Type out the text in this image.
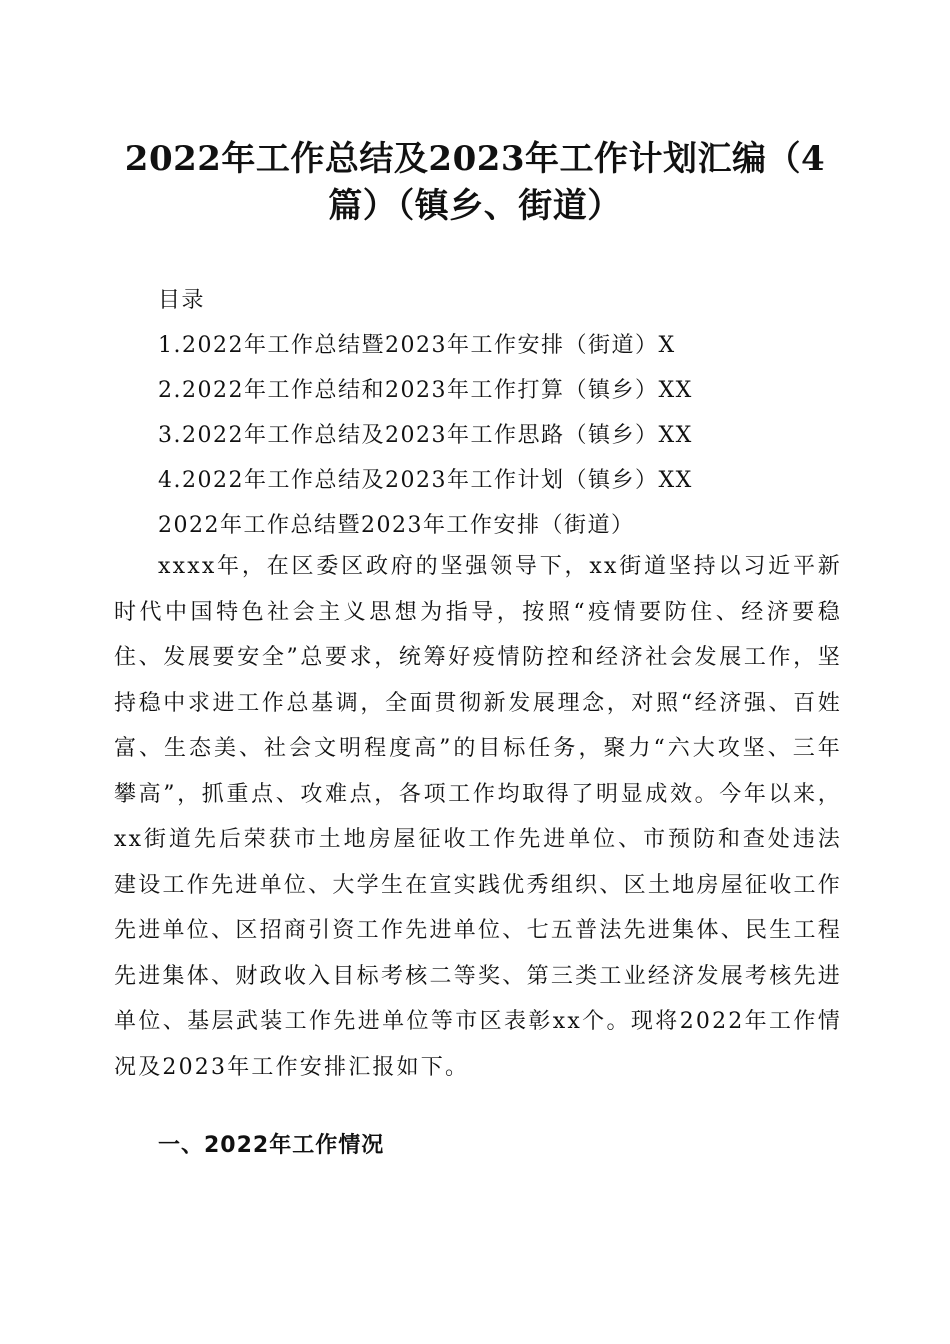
2022年工作总结及2023年工作计划汇编（4篇）（镇乡、街道）
目录
1.2022年工作总结暨2023年工作安排（街道）X
2.2022年工作总结和2023年工作打算（镇乡）XX
3.2022年工作总结及2023年工作思路（镇乡）XX
4.2022年工作总结及2023年工作计划（镇乡）XX
2022年工作总结暨2023年工作安排（街道）
xxxx年，在区委区政府的坚强领导下，xx街道坚持以习近平新时代中国特色社会主义思想为指导，按照“疫情要防住、经济要稳住、发展要安全”总要求，统筹好疫情防控和经济社会发展工作，坚持稳中求进工作总基调，全面贯彻新发展理念，对照“经济强、百姓富、生态美、社会文明程度高”的目标任务，聚力“六大攻坚、三年攀高”，抓重点、攻难点，各项工作均取得了明显成效。今年以来，xx街道先后荣获市土地房屋征收工作先进单位、市预防和查处违法建设工作先进单位、大学生在宣实践优秀组织、区土地房屋征收工作先进单位、区招商引资工作先进单位、七五普法先进集体、民生工程先进集体、财政收入目标考核二等奖、第三类工业经济发展考核先进单位、基层武装工作先进单位等市区表彰xx个。现将2022年工作情况及2023年工作安排汇报如下。
一、2022年工作情况
